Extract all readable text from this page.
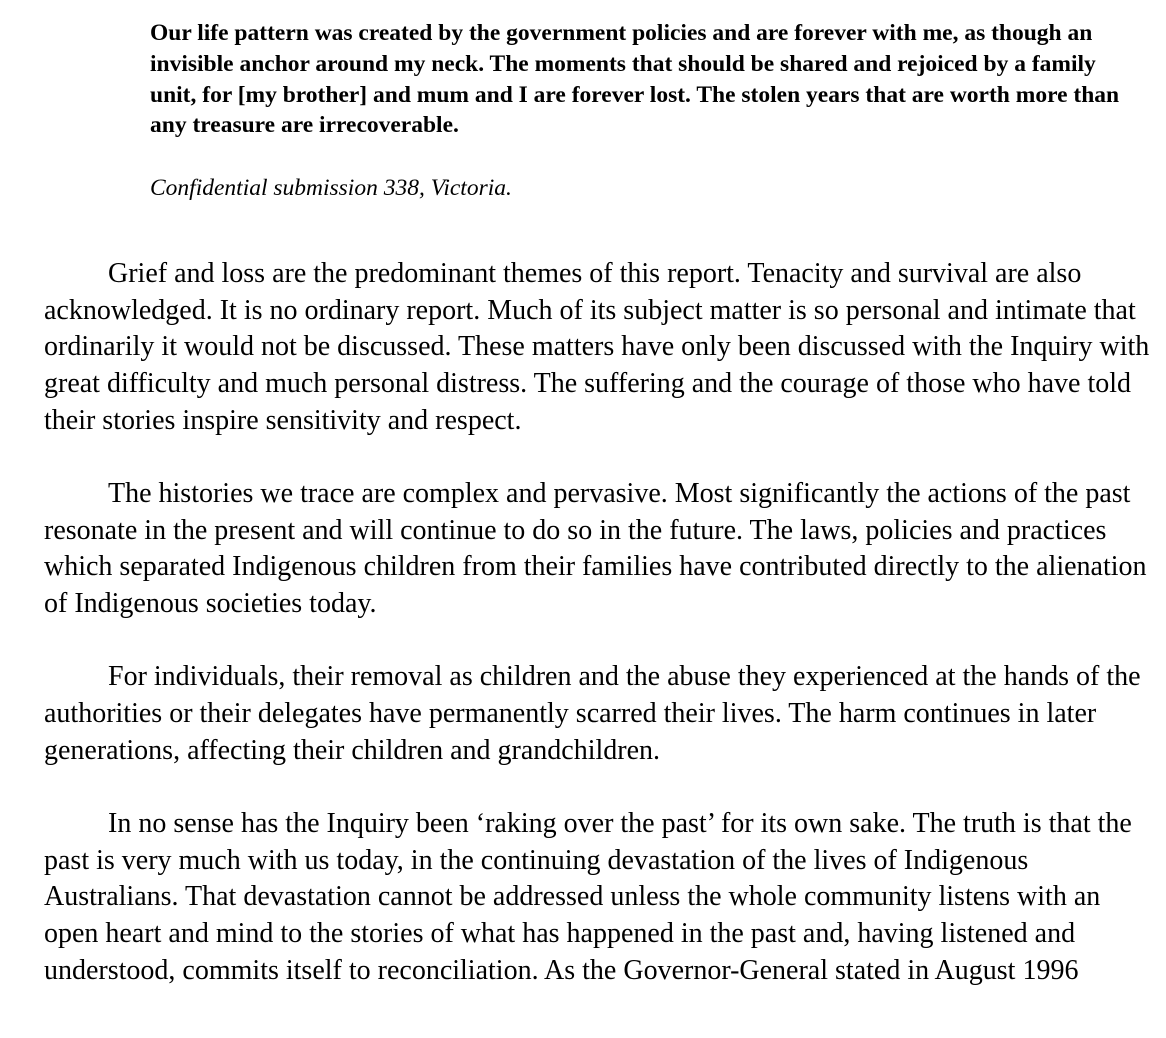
Our life pattern was created by the government policies and are forever with me, as though an invisible anchor around my neck. The moments that should be shared and rejoiced by a family unit, for [my brother] and mum and I are forever lost. The stolen years that are worth more than any treasure are irrecoverable.

Confidential submission 338, Victoria.

Grief and loss are the predominant themes of this report. Tenacity and survival are also acknowledged. It is no ordinary report. Much of its subject matter is so personal and intimate that ordinarily it would not be discussed. These matters have only been discussed with the Inquiry with great difficulty and much personal distress. The suffering and the courage of those who have told their stories inspire sensitivity and respect.

The histories we trace are complex and pervasive. Most significantly the actions of the past resonate in the present and will continue to do so in the future. The laws, policies and practices which separated Indigenous children from their families have contributed directly to the alienation of Indigenous societies today.

For individuals, their removal as children and the abuse they experienced at the hands of the authorities or their delegates have permanently scarred their lives. The harm continues in later generations, affecting their children and grandchildren.

In no sense has the Inquiry been ‘raking over the past’ for its own sake. The truth is that the past is very much with us today, in the continuing devastation of the lives of Indigenous Australians. That devastation cannot be addressed unless the whole community listens with an open heart and mind to the stories of what has happened in the past and, having listened and understood, commits itself to reconciliation. As the Governor-General stated in August 1996
